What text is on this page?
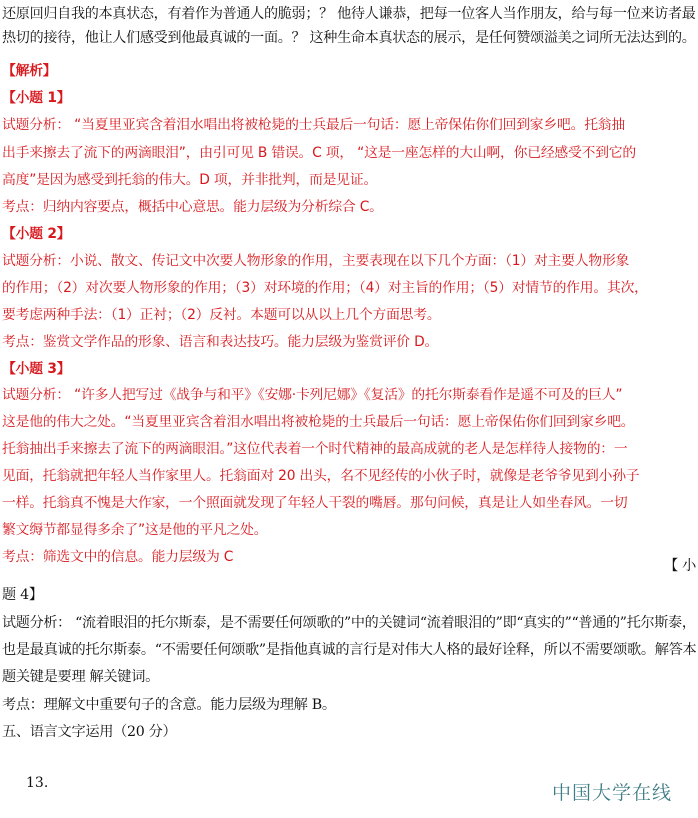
还原回归自我的本真状态，有着作为普通人的脆弱；？ 他待人谦恭，把每一位客人当作朋友，给与每一位来访者最
热切的接待，他让人们感受到他最真诚的一面。？ 这种生命本真状态的展示，是任何赞颂溢美之词所无法达到的。
【解析】
【小题 1】
试题分析： “当夏里亚宾含着泪水唱出将被枪毙的士兵最后一句话：愿上帝保佑你们回到家乡吧。托翁抽
出手来擦去了流下的两滴眼泪”，由引可见 B 错误。C 项， “这是一座怎样的大山啊，你已经感受不到它的
高度”是因为感受到托翁的伟大。D 项，并非批判，而是见证。
考点：归纳内容要点，概括中心意思。能力层级为分析综合 C。
【小题 2】
试题分析：小说、散文、传记文中次要人物形象的作用，主要表现在以下几个方面：（1）对主要人物形象
的作用；（2）对次要人物形象的作用；（3）对环境的作用；（4）对主旨的作用；（5）对情节的作用。其次，
要考虑两种手法：（1）正衬；（2）反衬。本题可以从以上几个方面思考。
考点：鉴赏文学作品的形象、语言和表达技巧。能力层级为鉴赏评价 D。
【小题 3】
试题分析： “许多人把写过《战争与和平》《安娜·卡列尼娜》《复活》的托尔斯泰看作是遥不可及的巨人”
这是他的伟大之处。“当夏里亚宾含着泪水唱出将被枪毙的士兵最后一句话：愿上帝保佑你们回到家乡吧。
托翁抽出手来擦去了流下的两滴眼泪。”这位代表着一个时代精神的最高成就的老人是怎样待人接物的：一
见面，托翁就把年轻人当作家里人。托翁面对 20 出头，名不见经传的小伙子时，就像是老爷爷见到小孙子
一样。托翁真不愧是大作家，一个照面就发现了年轻人干裂的嘴唇。那句问候，真是让人如坐春风。一切
繁文缛节都显得多余了”这是他的平凡之处。
考点：筛选文中的信息。能力层级为 C
【 小
题 4】
试题分析： “流着眼泪的托尔斯泰，是不需要任何颂歌的”中的关键词“流着眼泪的”即“真实的”“普通的”托尔斯泰，
也是最真诚的托尔斯泰。“不需要任何颂歌”是指他真诚的言行是对伟大人格的最好诠释，所以不需要颂歌。解答本
题关键是要理 解关键词。
考点：理解文中重要句子的含意。能力层级为理解 B。
五、语言文字运用（20 分）
13.	中国大学在线
